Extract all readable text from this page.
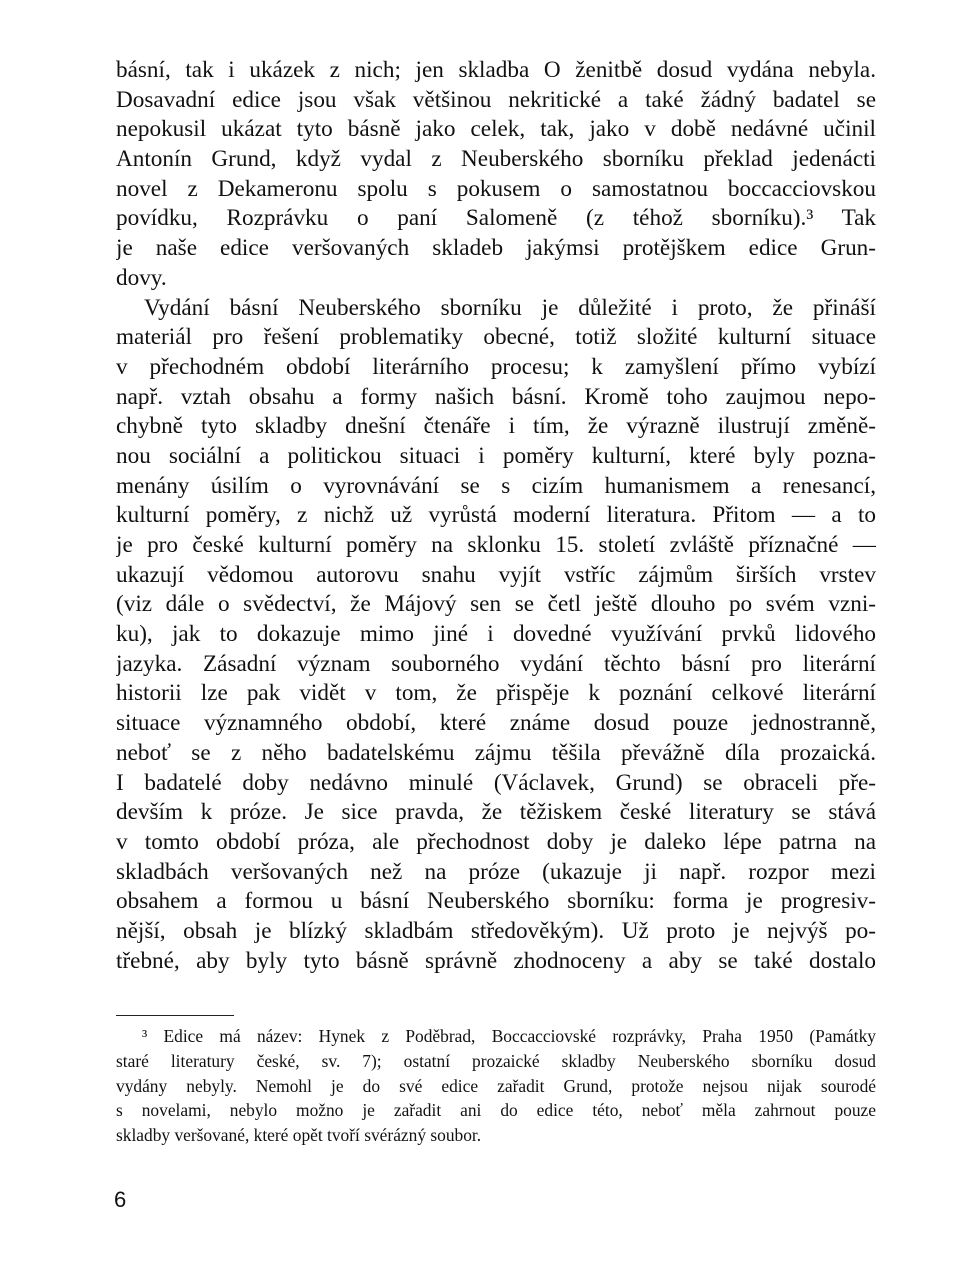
básní, tak i ukázek z nich; jen skladba O ženitbě dosud vydána nebyla.
Dosavadní edice jsou však většinou nekritické a také žádný badatel se
nepokusil ukázat tyto básně jako celek, tak, jako v době nedávné učinil
Antonín Grund, když vydal z Neuberského sborníku překlad jedenácti
novel z Dekameronu spolu s pokusem o samostatnou boccacciovskou
povídku, Rozprávku o paní Salomeně (z téhož sborníku).³ Tak
je naše edice veršovaných skladeb jakýmsi protějškem edice Grun-
dovy.
Vydání básní Neuberského sborníku je důležité i proto, že přináší
materiál pro řešení problematiky obecné, totiž složité kulturní situace
v přechodném období literárního procesu; k zamyšlení přímo vybízí
např. vztah obsahu a formy našich básní. Kromě toho zaujmou nepo-
chybně tyto skladby dnešní čtenáře i tím, že výrazně ilustrují změně-
nou sociální a politickou situaci i poměry kulturní, které byly pozna-
menány úsilím o vyrovnávání se s cizím humanismem a renesancí,
kulturní poměry, z nichž už vyrůstá moderní literatura. Přitom — a to
je pro české kulturní poměry na sklonku 15. století zvláště příznačné —
ukazují vědomou autorovu snahu vyjít vstříc zájmům širších vrstev
(viz dále o svědectví, že Májový sen se četl ještě dlouho po svém vzni-
ku), jak to dokazuje mimo jiné i dovedné využívání prvků lidového
jazyka. Zásadní význam souborného vydání těchto básní pro literární
historii lze pak vidět v tom, že přispěje k poznání celkové literární
situace významného období, které známe dosud pouze jednostranně,
neboť se z něho badatelskému zájmu těšila převážně díla prozaická.
I badatelé doby nedávno minulé (Václavek, Grund) se obraceli pře-
devším k próze. Je sice pravda, že těžiskem české literatury se stává
v tomto období próza, ale přechodnost doby je daleko lépe patrna na
skladbách veršovaných než na próze (ukazuje ji např. rozpor mezi
obsahem a formou u básní Neuberského sborníku: forma je progresiv-
nější, obsah je blízký skladbám středověkým). Už proto je nejvýš po-
třebné, aby byly tyto básně správně zhodnoceny a aby se také dostalo
³ Edice má název: Hynek z Poděbrad, Boccacciovské rozprávky, Praha 1950 (Památky
staré literatury české, sv. 7); ostatní prozaické skladby Neuberského sborníku dosud
vydány nebyly. Nemohl je do své edice zařadit Grund, protože nejsou nijak sourodé
s novelami, nebylo možno je zařadit ani do edice této, neboť měla zahrnout pouze
skladby veršované, které opět tvoří svérázný soubor.
6
